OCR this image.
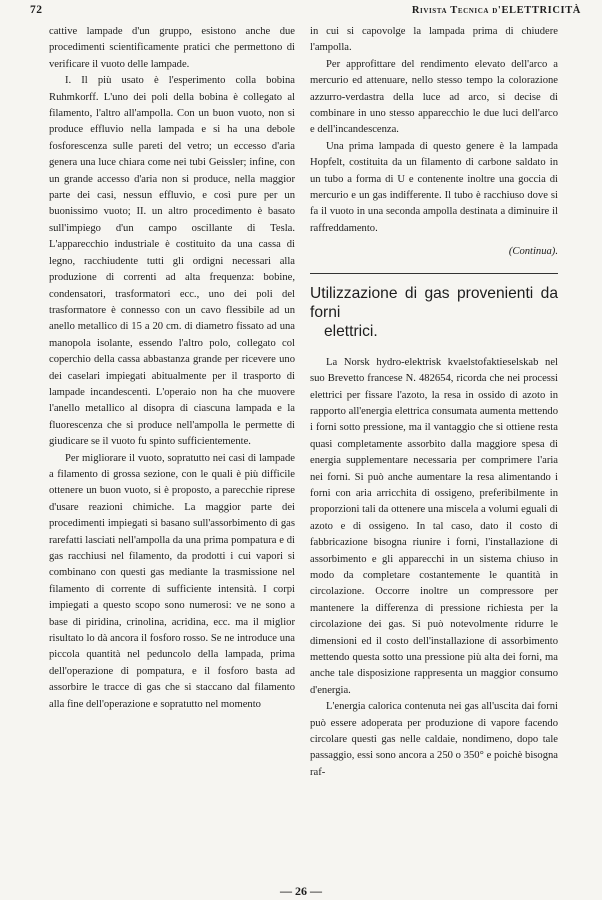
72	Rivista Tecnica d'ELETTRICITÀ

cattive lampade d'un gruppo, esistono anche due procedimenti scientificamente pratici che permettono di verificare il vuoto delle lampade.

I. Il più usato è l'esperimento colla bobina Ruhmkorff. L'uno dei poli della bobina è collegato al filamento, l'altro all'ampolla. Con un buon vuoto, non si produce effluvio nella lampada e si ha una debole fosforescenza sulle pareti del vetro; un eccesso d'aria genera una luce chiara come nei tubi Geissler; infine, con un grande accesso d'aria non si produce, nella maggior parte dei casi, nessun effluvio, e così pure per un buonissimo vuoto; II. un altro procedimento è basato sull'impiego d'un campo oscillante di Tesla. L'apparecchio industriale è costituito da una cassa di legno, racchiudente tutti gli ordigni necessari alla produzione di correnti ad alta frequenza: bobine, condensatori, trasformatori ecc., uno dei poli del trasformatore è connesso con un cavo flessibile ad un anello metallico di 15 a 20 cm. di diametro fissato ad una manopola isolante, essendo l'altro polo, collegato col coperchio della cassa abbastanza grande per ricevere uno dei caselari impiegati abitualmente per il trasporto di lampade incandescenti. L'operaio non ha che muovere l'anello metallico al disopra di ciascuna lampada e la fluorescenza che si produce nell'ampolla le permette di giudicare se il vuoto fu spinto sufficientemente.

Per migliorare il vuoto, sopratutto nei casi di lampade a filamento di grossa sezione, con le quali è più difficile ottenere un buon vuoto, si è proposto, a parecchie riprese d'usare reazioni chimiche. La maggior parte dei procedimenti impiegati si basano sull'assorbimento di gas rarefatti lasciati nell'ampolla da una prima pompatura e di gas racchiusi nel filamento, da prodotti i cui vapori si combinano con questi gas mediante la trasmissione nel filamento di corrente di sufficiente intensità. I corpi impiegati a questo scopo sono numerosi: ve ne sono a base di piridina, crinolina, acridina, ecc. ma il miglior risultato lo dà ancora il fosforo rosso. Se ne introduce una piccola quantità nel peduncolo della lampada, prima dell'operazione di pompatura, e il fosforo basta ad assorbire le tracce di gas che si staccano dal filamento alla fine dell'operazione e sopratutto nel momento

in cui si capovolge la lampada prima di chiudere l'ampolla.

Per approfittare del rendimento elevato dell'arco a mercurio ed attenuare, nello stesso tempo la colorazione azzurro-verdastra della luce ad arco, si decise di combinare in uno stesso apparecchio le due luci dell'arco e dell'incandescenza.

Una prima lampada di questo genere è la lampada Hopfelt, costituita da un filamento di carbone saldato in un tubo a forma di U e contenente inoltre una goccia di mercurio e un gas indifferente. Il tubo è racchiuso dove si fa il vuoto in una seconda ampolla destinata a diminuire il raffreddamento.

(Continua).
Utilizzazione di gas provenienti da forni
elettrici.

La Norsk hydro-elektrisk kvaelstofaktieselskab nel suo Brevetto francese N. 482654, ricorda che nei processi elettrici per fissare l'azoto, la resa in ossido di azoto in rapporto all'energia elettrica consumata aumenta mettendo i forni sotto pressione, ma il vantaggio che si ottiene resta quasi completamente assorbito dalla maggiore spesa di energia supplementare necessaria per comprimere l'aria nei forni. Si può anche aumentare la resa alimentando i forni con aria arricchita di ossigeno, preferibilmente in proporzioni tali da ottenere una miscela a volumi eguali di azoto e di ossigeno. In tal caso, dato il costo di fabbricazione bisogna riunire i forni, l'installazione di assorbimento e gli apparecchi in un sistema chiuso in modo da completare costantemente le quantità in circolazione. Occorre inoltre un compressore per mantenere la differenza di pressione richiesta per la circolazione dei gas. Si può notevolmente ridurre le dimensioni ed il costo dell'installazione di assorbimento mettendo questa sotto una pressione più alta dei forni, ma anche tale disposizione rappresenta un maggior consumo d'energia.

L'energia calorica contenuta nei gas all'uscita dai forni può essere adoperata per produzione di vapore facendo circolare questi gas nelle caldaie, nondimeno, dopo tale passaggio, essi sono ancora a 250 o 350° e poichè bisogna raf-

— 26 —
